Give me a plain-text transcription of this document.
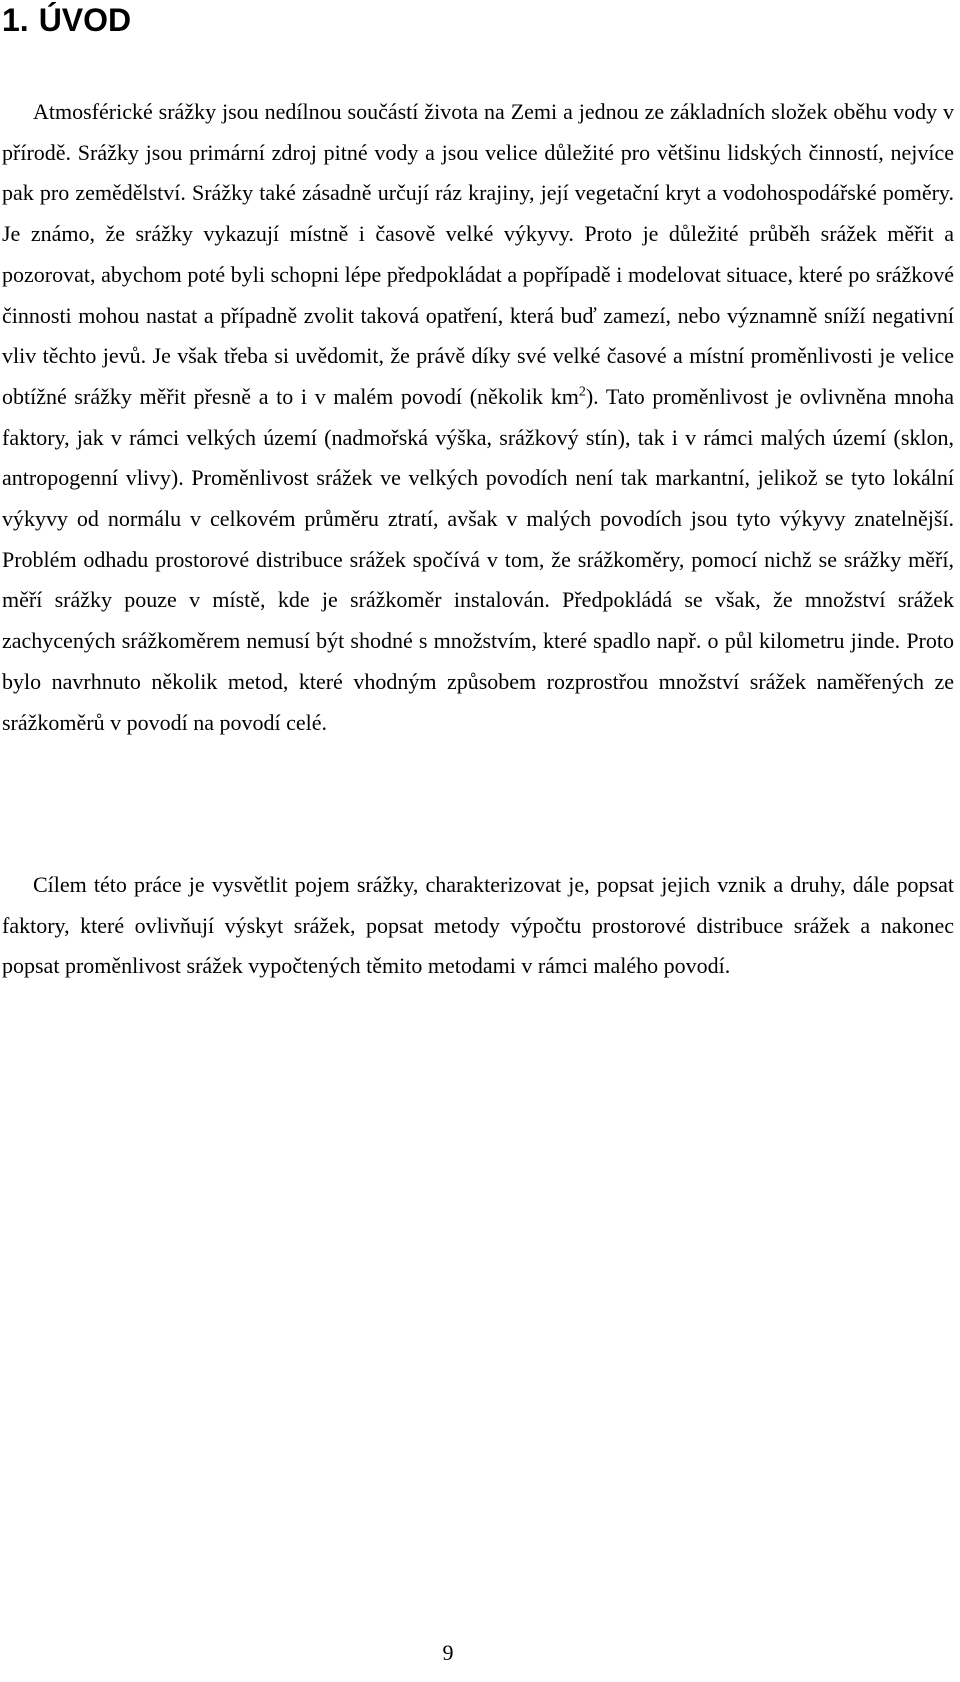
1. ÚVOD

Atmosférické srážky jsou nedílnou součástí života na Zemi a jednou ze základních složek oběhu vody v přírodě. Srážky jsou primární zdroj pitné vody a jsou velice důležité pro většinu lidských činností, nejvíce pak pro zemědělství. Srážky také zásadně určují ráz krajiny, její vegetační kryt a vodohospodářské poměry. Je známo, že srážky vykazují místně i časově velké výkyvy. Proto je důležité průběh srážek měřit a pozorovat, abychom poté byli schopni lépe předpokládat a popřípadě i modelovat situace, které po srážkové činnosti mohou nastat a případně zvolit taková opatření, která buď zamezí, nebo významně sníží negativní vliv těchto jevů. Je však třeba si uvědomit, že právě díky své velké časové a místní proměnlivosti je velice obtížné srážky měřit přesně a to i v malém povodí (několik $km^2$). Tato proměnlivost je ovlivněna mnoha faktory, jak v rámci velkých území (nadmořská výška, srážkový stín), tak i v rámci malých území (sklon, antropogenní vlivy). Proměnlivost srážek ve velkých povodích není tak markantní, jelikož se tyto lokální výkyvy od normálu v celkovém průměru ztratí, avšak v malých povodích jsou tyto výkyvy znatelnější. Problém odhadu prostorové distribuce srážek spočívá v tom, že srážkoměry, pomocí nichž se srážky měří, měří srážky pouze v místě, kde je srážkoměr instalován. Předpokládá se však, že množství srážek zachycených srážkoměrem nemusí být shodné s množstvím, které spadlo např. o půl kilometru jinde. Proto bylo navrhnuto několik metod, které vhodným způsobem rozprostřou množství srážek naměřených ze srážkoměrů v povodí na povodí celé.

Cílem této práce je vysvětlit pojem srážky, charakterizovat je, popsat jejich vznik a druhy, dále popsat faktory, které ovlivňují výskyt srážek, popsat metody výpočtu prostorové distribuce srážek a nakonec popsat proměnlivost srážek vypočtených těmito metodami v rámci malého povodí.

9
